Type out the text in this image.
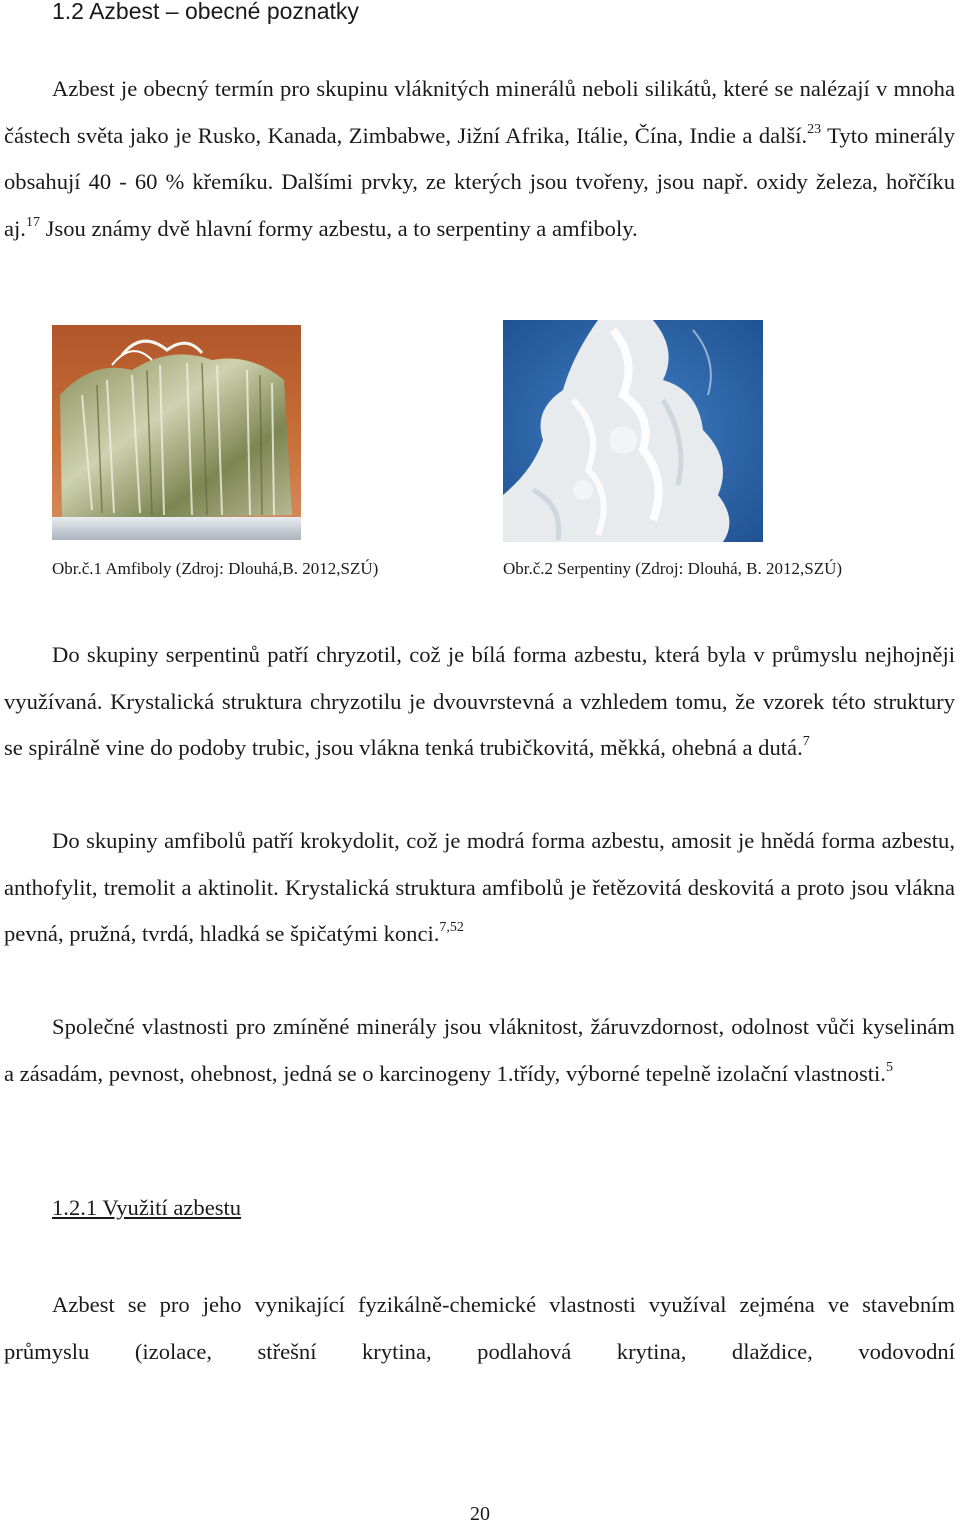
1.2 Azbest – obecné poznatky

Azbest je obecný termín pro skupinu vláknitých minerálů neboli silikátů, které se nalézají v mnoha částech světa jako je Rusko, Kanada, Zimbabwe, Jižní Afrika, Itálie, Čína, Indie a další.$^{23}$ Tyto minerály obsahují 40 - 60 % křemíku. Dalšími prvky, ze kterých jsou tvořeny, jsou např. oxidy železa, hořčíku aj.$^{17}$ Jsou známy dvě hlavní formy azbestu, a to serpentiny a amfiboly.

Obr.č.1 Amfiboly (Zdroj: Dlouhá,B. 2012,SZÚ)	Obr.č.2 Serpentiny (Zdroj: Dlouhá, B. 2012,SZÚ)

Do skupiny serpentinů patří chryzotil, což je bílá forma azbestu, která byla v průmyslu nejhojněji využívaná. Krystalická struktura chryzotilu je dvouvrstevná a vzhledem tomu, že vzorek této struktury se spirálně vine do podoby trubic, jsou vlákna tenká trubičkovitá, měkká, ohebná a dutá.$^7$

Do skupiny amfibolů patří krokydolit, což je modrá forma azbestu, amosit je hnědá forma azbestu, anthofylit, tremolit a aktinolit. Krystalická struktura amfibolů je řetězovitá deskovitá a proto jsou vlákna pevná, pružná, tvrdá, hladká se špičatými konci.$^{7,52}$

Společné vlastnosti pro zmíněné minerály jsou vláknitost, žáruvzdornost, odolnost vůči kyselinám a zásadám, pevnost, ohebnost, jedná se o karcinogeny 1.třídy, výborné tepelně izolační vlastnosti.$^5$

1.2.1 Využití azbestu

Azbest se pro jeho vynikající fyzikálně-chemické vlastnosti využíval zejména ve stavebním průmyslu (izolace, střešní krytina, podlahová krytina, dlaždice, vodovodní

20
